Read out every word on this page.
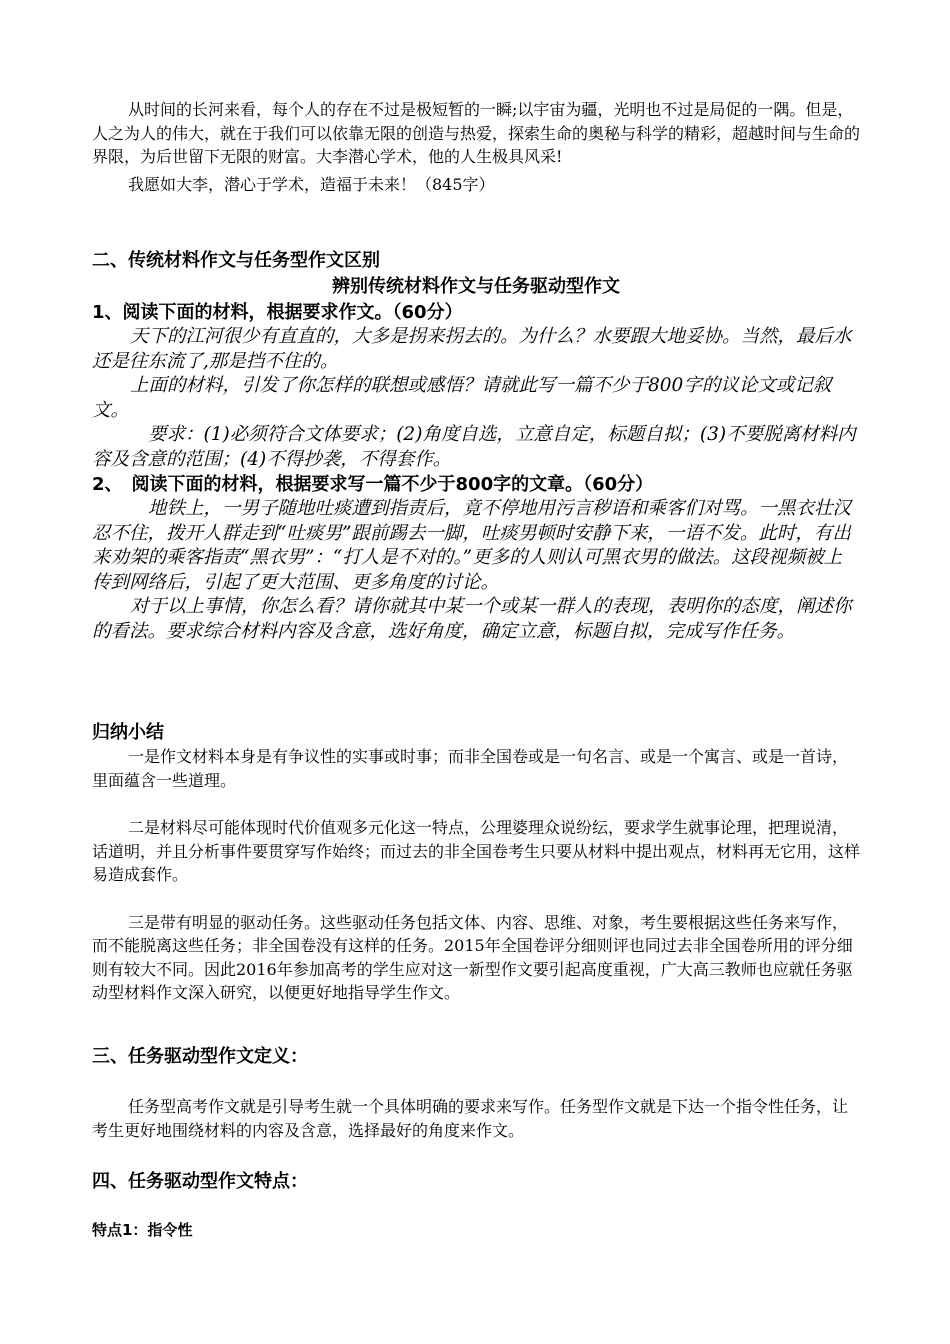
从时间的长河来看，每个人的存在不过是极短暂的一瞬;以宇宙为疆，光明也不过是局促的一隅。但是，人之为人的伟大，就在于我们可以依靠无限的创造与热爱，探索生命的奥秘与科学的精彩，超越时间与生命的界限，为后世留下无限的财富。大李潜心学术，他的人生极具风采!

我愿如大李，潜心于学术，造福于未来！（845字）

二、传统材料作文与任务型作文区别

辨别传统材料作文与任务驱动型作文

1、阅读下面的材料，根据要求作文。（60分）

天下的江河很少有直直的，大多是拐来拐去的。为什么？水要跟大地妥协。当然，最后水还是往东流了,那是挡不住的。

上面的材料，引发了你怎样的联想或感悟？请就此写一篇不少于800字的议论文或记叙文。

要求：(1)必须符合文体要求；(2)角度自选，立意自定，标题自拟；(3)不要脱离材料内容及含意的范围；(4)不得抄袭，不得套作。

2、　阅读下面的材料，根据要求写一篇不少于800字的文章。（60分）

地铁上，一男子随地吐痰遭到指责后，竟不停地用污言秽语和乘客们对骂。一黑衣壮汉忍不住，拨开人群走到“吐痰男”跟前踢去一脚，吐痰男顿时安静下来，一语不发。此时，有出来劝架的乘客指责“黑衣男”：“打人是不对的。”更多的人则认可黑衣男的做法。这段视频被上传到网络后，引起了更大范围、更多角度的讨论。

对于以上事情，你怎么看？请你就其中某一个或某一群人的表现，表明你的态度，阐述你的看法。要求综合材料内容及含意，选好角度，确定立意，标题自拟，完成写作任务。

归纳小结

一是作文材料本身是有争议性的实事或时事；而非全国卷或是一句名言、或是一个寓言、或是一首诗，里面蕴含一些道理。

二是材料尽可能体现时代价值观多元化这一特点，公理婆理众说纷纭，要求学生就事论理，把理说清，话道明，并且分析事件要贯穿写作始终；而过去的非全国卷考生只要从材料中提出观点，材料再无它用，这样易造成套作。

三是带有明显的驱动任务。这些驱动任务包括文体、内容、思维、对象，考生要根据这些任务来写作，而不能脱离这些任务；非全国卷没有这样的任务。2015年全国卷评分细则评也同过去非全国卷所用的评分细则有较大不同。因此2016年参加高考的学生应对这一新型作文要引起高度重视，广大高三教师也应就任务驱动型材料作文深入研究，以便更好地指导学生作文。

三、任务驱动型作文定义：

任务型高考作文就是引导考生就一个具体明确的要求来写作。任务型作文就是下达一个指令性任务，让考生更好地围绕材料的内容及含意，选择最好的角度来作文。

四、任务驱动型作文特点：

特点1：指令性
